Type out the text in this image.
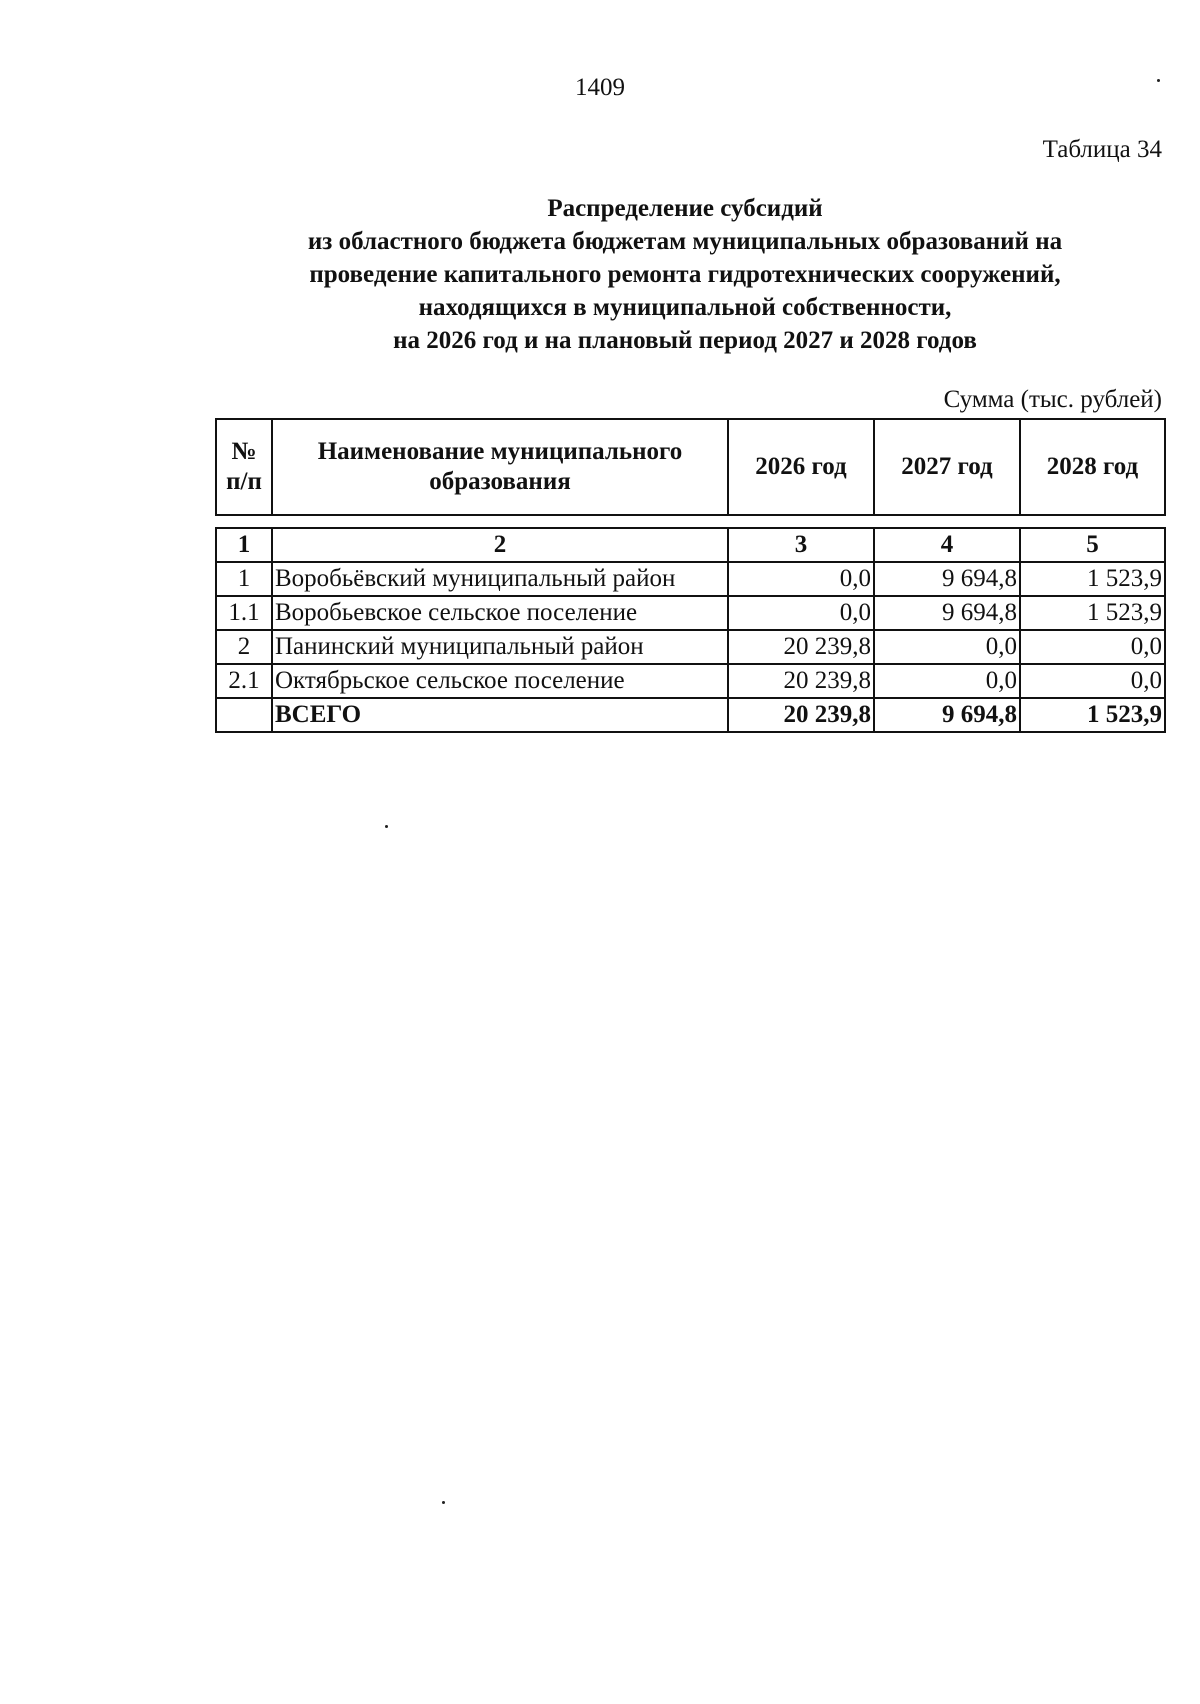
1409
Таблица 34
Распределение субсидий
из областного бюджета бюджетам муниципальных образований на
проведение капитального ремонта гидротехнических сооружений,
находящихся в муниципальной собственности,
на 2026 год и на плановый период 2027 и 2028 годов
Сумма (тыс. рублей)
№ п/п	Наименование муниципального образования	2026 год	2027 год	2028 год
1	2	3	4	5
1	Воробьёвский муниципальный район	0,0	9 694,8	1 523,9
1.1	Воробьевское сельское поселение	0,0	9 694,8	1 523,9
2	Панинский муниципальный район	20 239,8	0,0	0,0
2.1	Октябрьское сельское поселение	20 239,8	0,0	0,0
	ВСЕГО	20 239,8	9 694,8	1 523,9
